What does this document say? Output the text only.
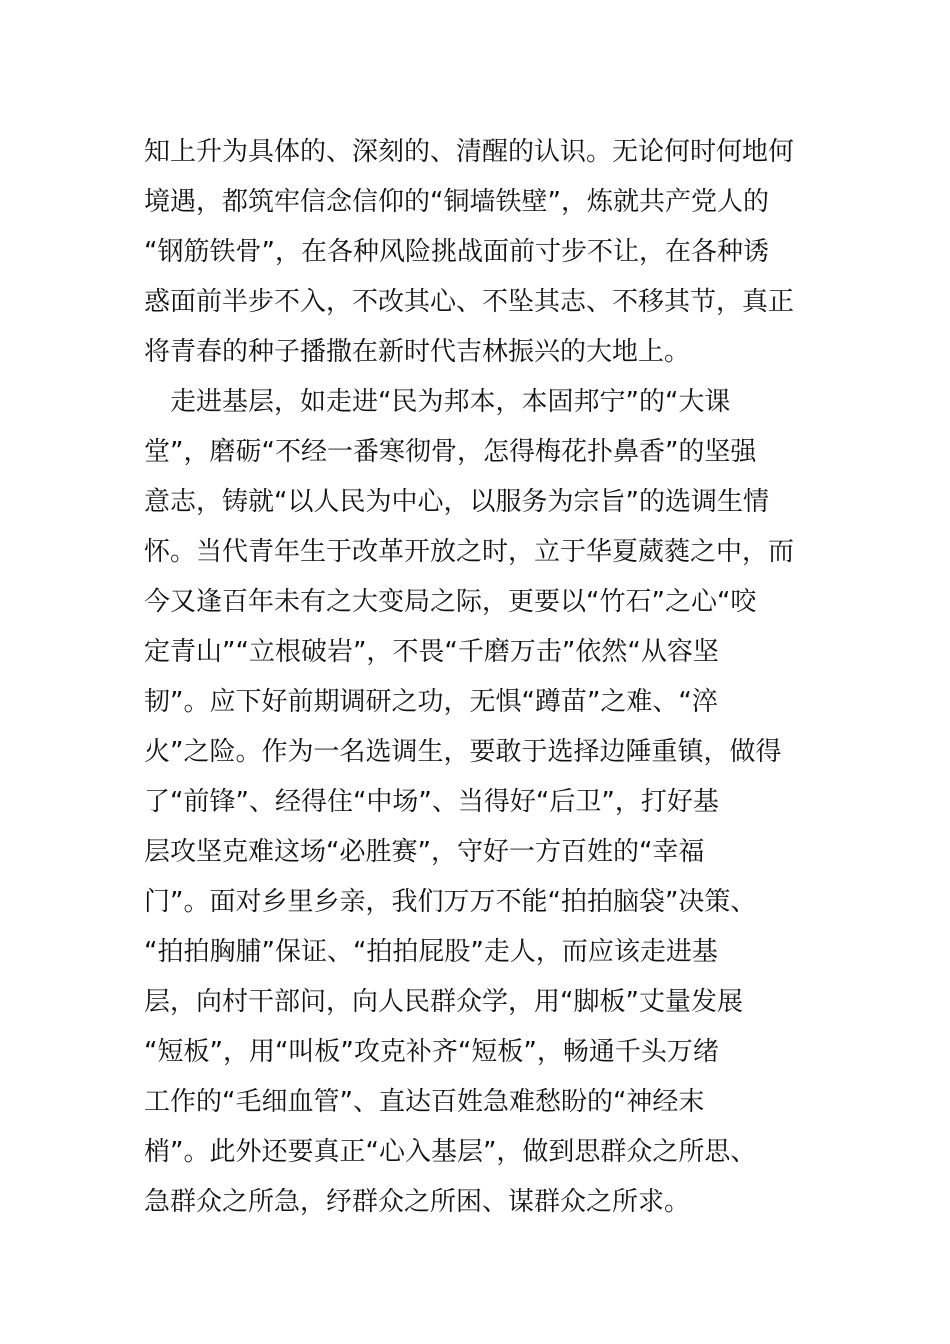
知上升为具体的、深刻的、清醒的认识。无论何时何地何
境遇，都筑牢信念信仰的“铜墙铁壁”，炼就共产党人的
“钢筋铁骨”，在各种风险挑战面前寸步不让，在各种诱
惑面前半步不入，不改其心、不坠其志、不移其节，真正
将青春的种子播撒在新时代吉林振兴的大地上。
　走进基层，如走进“民为邦本，本固邦宁”的“大课
堂”，磨砺“不经一番寒彻骨，怎得梅花扑鼻香”的坚强
意志，铸就“以人民为中心，以服务为宗旨”的选调生情
怀。当代青年生于改革开放之时，立于华夏葳蕤之中，而
今又逢百年未有之大变局之际，更要以“竹石”之心“咬
定青山”“立根破岩”，不畏“千磨万击”依然“从容坚
韧”。应下好前期调研之功，无惧“蹲苗”之难、“淬
火”之险。作为一名选调生，要敢于选择边陲重镇，做得
了“前锋”、经得住“中场”、当得好“后卫”，打好基
层攻坚克难这场“必胜赛”，守好一方百姓的“幸福
门”。面对乡里乡亲，我们万万不能“拍拍脑袋”决策、
“拍拍胸脯”保证、“拍拍屁股”走人，而应该走进基
层，向村干部问，向人民群众学，用“脚板”丈量发展
“短板”，用“叫板”攻克补齐“短板”，畅通千头万绪
工作的“毛细血管”、直达百姓急难愁盼的“神经末
梢”。此外还要真正“心入基层”，做到思群众之所思、
急群众之所急，纾群众之所困、谋群众之所求。
